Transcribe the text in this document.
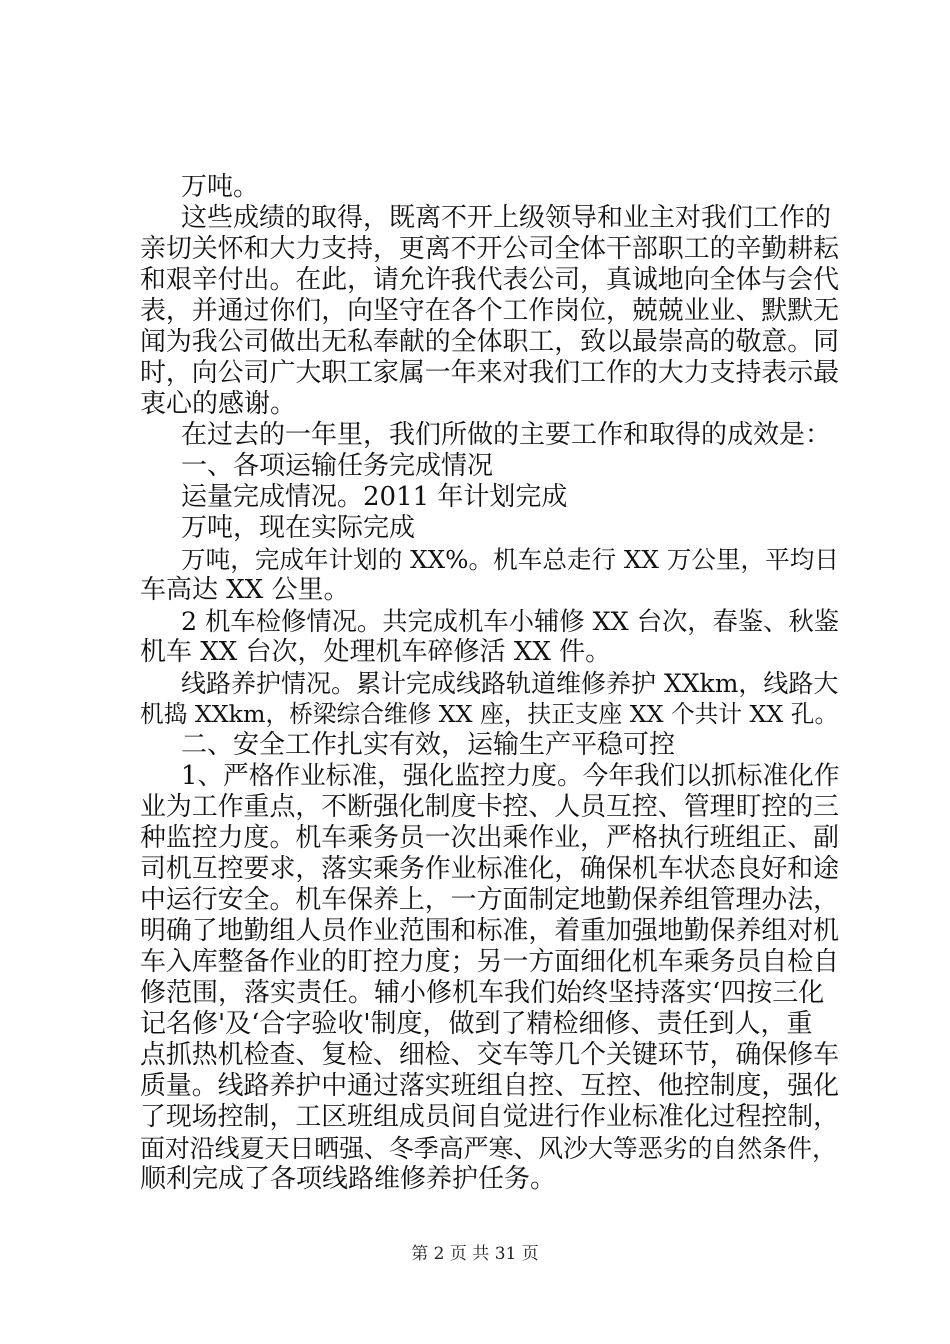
万吨。
这些成绩的取得，既离不开上级领导和业主对我们工作的
亲切关怀和大力支持，更离不开公司全体干部职工的辛勤耕耘
和艰辛付出。在此，请允许我代表公司，真诚地向全体与会代
表，并通过你们，向坚守在各个工作岗位，兢兢业业、默默无
闻为我公司做出无私奉献的全体职工，致以最崇高的敬意。同
时，向公司广大职工家属一年来对我们工作的大力支持表示最
衷心的感谢。
在过去的一年里，我们所做的主要工作和取得的成效是：
一、各项运输任务完成情况
运量完成情况。2011 年计划完成
万吨，现在实际完成
万吨，完成年计划的 XX%。机车总走行 XX 万公里，平均日
车高达 XX 公里。
2 机车检修情况。共完成机车小辅修 XX 台次，春鉴、秋鉴
机车 XX 台次，处理机车碎修活 XX 件。
线路养护情况。累计完成线路轨道维修养护 XXkm，线路大
机捣 XXkm，桥梁综合维修 XX 座，扶正支座 XX 个共计 XX 孔。
二、安全工作扎实有效，运输生产平稳可控
1、严格作业标准，强化监控力度。今年我们以抓标准化作
业为工作重点，不断强化制度卡控、人员互控、管理盯控的三
种监控力度。机车乘务员一次出乘作业，严格执行班组正、副
司机互控要求，落实乘务作业标准化，确保机车状态良好和途
中运行安全。机车保养上，一方面制定地勤保养组管理办法，
明确了地勤组人员作业范围和标准，着重加强地勤保养组对机
车入库整备作业的盯控力度；另一方面细化机车乘务员自检自
修范围，落实责任。辅小修机车我们始终坚持落实‘四按三化
记名修'及‘合字验收'制度，做到了精检细修、责任到人，重
点抓热机检查、复检、细检、交车等几个关键环节，确保修车
质量。线路养护中通过落实班组自控、互控、他控制度，强化
了现场控制，工区班组成员间自觉进行作业标准化过程控制，
面对沿线夏天日晒强、冬季高严寒、风沙大等恶劣的自然条件，
顺利完成了各项线路维修养护任务。
第 2 页 共 31 页
